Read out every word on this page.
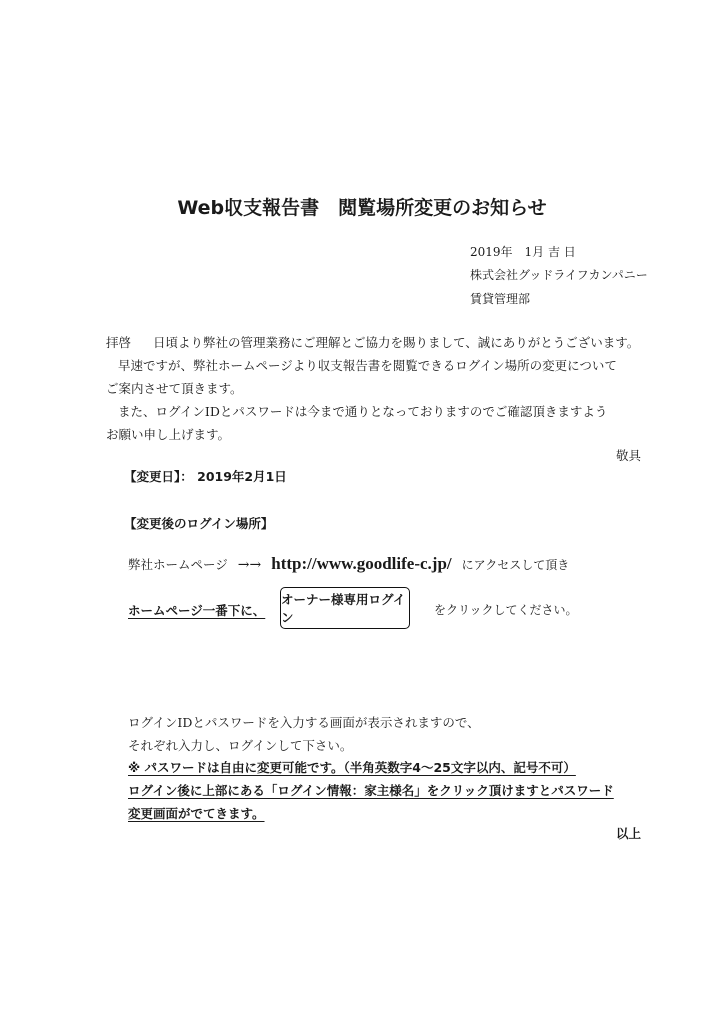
Web収支報告書　閲覧場所変更のお知らせ
2019年　1月 吉 日
株式会社グッドライフカンパニー
賃貸管理部
拝啓 日頃より弊社の管理業務にご理解とご協力を賜りまして、誠にありがとうございます。
早速ですが、弊社ホームページより収支報告書を閲覧できるログイン場所の変更について
ご案内させて頂きます。
また、ログインIDとパスワードは今まで通りとなっておりますのでご確認頂きますよう
お願い申し上げます。
敬具
【変更日】： 2019年2月1日
【変更後のログイン場所】
弊社ホームページ →→ http://www.goodlife-c.jp/ にアクセスして頂き
ホームページ一番下に、
オーナー様専用ログイン	をクリックしてください。
ログインIDとパスワードを入力する画面が表示されますので、
それぞれ入力し、ログインして下さい。
※ パスワードは自由に変更可能です。（半角英数字4～25文字以内、記号不可）
ログイン後に上部にある「ログイン情報：家主様名」をクリック頂けますとパスワード
変更画面がでてきます。
以上
